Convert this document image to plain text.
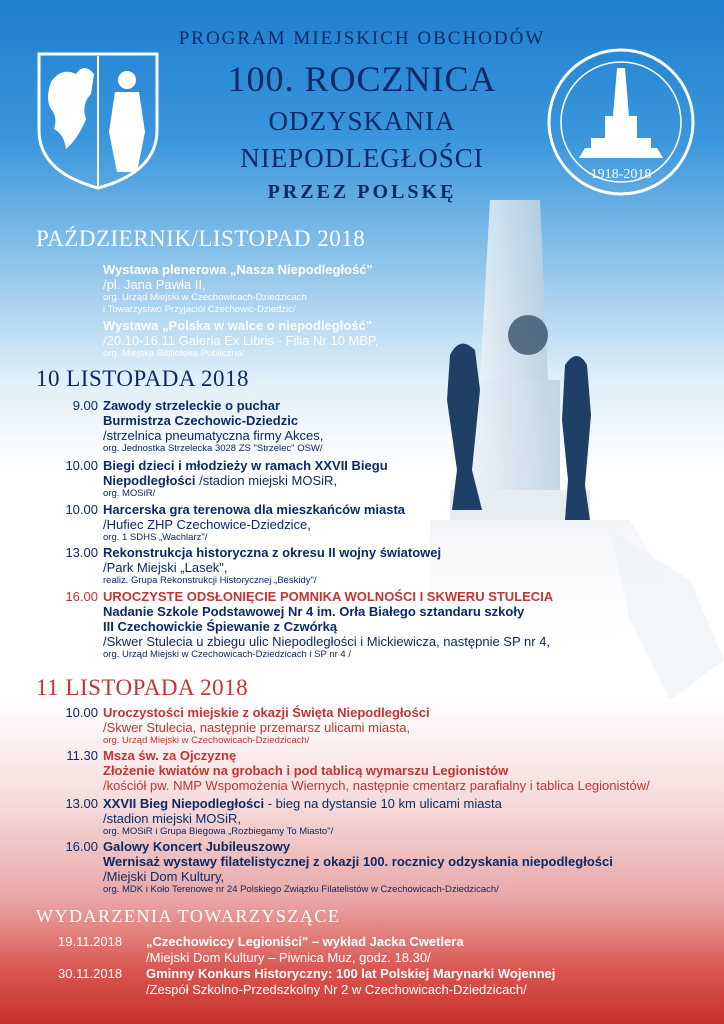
1918-2018
PROGRAM MIEJSKICH OBCHODÓW
100. ROCZNICA
ODZYSKANIA
NIEPODLEGŁOŚCI
PRZEZ POLSKĘ
PAŹDZIERNIK/LISTOPAD 2018
Wystawa plenerowa „Nasza Niepodległość"
/pl. Jana Pawła II,
org. Urząd Miejski w Czechowicach-Dziedzicach
i Towarzystwo Przyjaciół Czechowic-Dziedzic/
Wystawa „Polska w walce o niepodległość"
/20.10-16.11 Galeria Ex Libris - Filia Nr 10 MBP,
org. Miejska Biblioteka Publiczna/
10 LISTOPADA 2018
9.00 Zawody strzeleckie o puchar
Burmistrza Czechowic-Dziedzic
/strzelnica pneumatyczna firmy Akces,
org. Jednostka Strzelecka 3028 ZS "Strzelec" OSW/
10.00 Biegi dzieci i młodzieży w ramach XXVII Biegu
Niepodległości /stadion miejski MOSiR,
org. MOSiR/
10.00 Harcerska gra terenowa dla mieszkańców miasta
/Hufiec ZHP Czechowice-Dziedzice,
org. 1 SDHS „Wachlarz"/
13.00 Rekonstrukcja historyczna z okresu II wojny światowej
/Park Miejski „Lasek",
realiz. Grupa Rekonstrukcji Historycznej „Beskidy"/
16.00 UROCZYSTE ODSŁONIĘCIE POMNIKA WOLNOŚCI I SKWERU STULECIA
Nadanie Szkole Podstawowej Nr 4 im. Orła Białego sztandaru szkoły
III Czechowickie Śpiewanie z Czwórką
/Skwer Stulecia u zbiegu ulic Niepodległości i Mickiewicza, następnie SP nr 4,
org. Urząd Miejski w Czechowicach-Dziedzicach i SP nr 4 /
11 LISTOPADA 2018
10.00 Uroczystości miejskie z okazji Święta Niepodległości
/Skwer Stulecia, następnie przemarsz ulicami miasta,
org. Urząd Miejski w Czechowicach-Dziedzicach/
11.30 Msza św. za Ojczyznę
Złożenie kwiatów na grobach i pod tablicą wymarszu Legionistów
/kościół pw. NMP Wspomożenia Wiernych, następnie cmentarz parafialny i tablica Legionistów/
13.00 XXVII Bieg Niepodległości - bieg na dystansie 10 km ulicami miasta
/stadion miejski MOSiR,
org. MOSiR i Grupa Biegowa „Rozbiegamy To Miasto"/
16.00 Galowy Koncert Jubileuszowy
Wernisaż wystawy filatelistycznej z okazji 100. rocznicy odzyskania niepodległości
/Miejski Dom Kultury,
org. MDK i Koło Terenowe nr 24 Polskiego Związku Filatelistów w Czechowicach-Dziedzicach/
WYDARZENIA TOWARZYSZĄCE
19.11.2018 „Czechowiccy Legioniści" – wykład Jacka Cwetlera
/Miejski Dom Kultury – Piwnica Muz, godz. 18.30/
30.11.2018 Gminny Konkurs Historyczny: 100 lat Polskiej Marynarki Wojennej
/Zespół Szkolno-Przedszkolny Nr 2 w Czechowicach-Dziedzicach/
